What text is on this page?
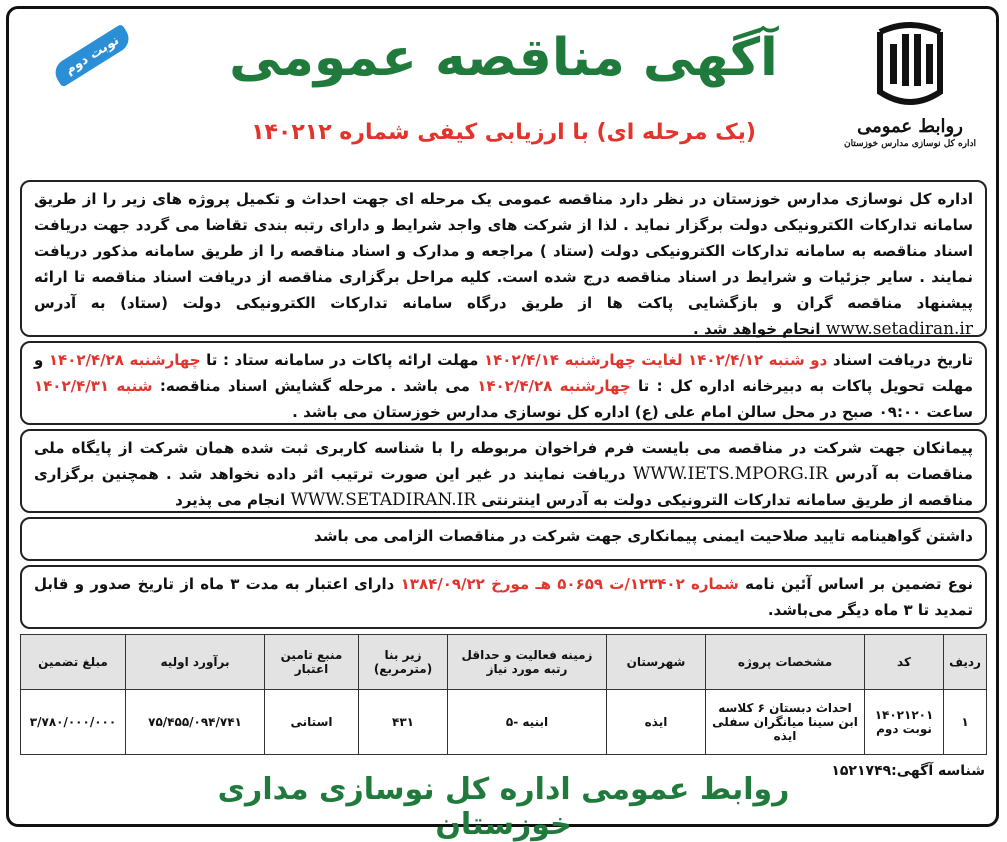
روابط عمومی
اداره کل نوسازی مدارس خوزستان
نوبت دوم	آگهی مناقصه عمومی
(یک مرحله ای) با ارزیابی کیفی شماره ۱۴۰۲۱۲
اداره کل نوسازی مدارس خوزستان در نظر دارد مناقصه عمومی یک مرحله ای جهت احداث و تکمیل پروژه های زیر را از طریق سامانه تدارکات الکترونیکی دولت برگزار نماید . لذا از شرکت های واجد شرایط و دارای رتبه بندی تقاضا می گردد جهت دریافت اسناد مناقصه به سامانه تدارکات الکترونیکی دولت (ستاد ) مراجعه و مدارک و اسناد مناقصه را از طریق سامانه مذکور دریافت نمایند . سایر جزئیات و شرایط در اسناد مناقصه درج شده است. کلیه مراحل برگزاری مناقصه از دریافت اسناد مناقصه تا ارائه پیشنهاد مناقصه گران و بازگشایی پاکت ها از طریق درگاه سامانه تدارکات الکترونیکی دولت (ستاد) به آدرس www.setadiran.ir انجام خواهد شد .
تاریخ دریافت اسناد دو شنبه ۱۴۰۲/۴/۱۲ لغایت چهارشنبه ۱۴۰۲/۴/۱۴ مهلت ارائه پاکات در سامانه ستاد : تا چهارشنبه ۱۴۰۲/۴/۲۸ و مهلت تحویل پاکات به دبیرخانه اداره کل : تا چهارشنبه ۱۴۰۲/۴/۲۸ می باشد . مرحله گشایش اسناد مناقصه: شنبه ۱۴۰۲/۴/۳۱ ساعت ۰۹:۰۰ صبح در محل سالن امام علی (ع) اداره کل نوسازی مدارس خوزستان می باشد .
پیمانکان جهت شرکت در مناقصه می بایست فرم فراخوان مربوطه را با شناسه کاربری ثبت شده همان شرکت از پایگاه ملی مناقصات به آدرس WWW.IETS.MPORG.IR دریافت نمایند در غیر این صورت ترتیب اثر داده نخواهد شد . همچنین برگزاری مناقصه از طریق سامانه تدارکات الترونیکی دولت به آدرس اینترنتی WWW.SETADIRAN.IR انجام می پذیرد
داشتن گواهینامه تایید صلاحیت ایمنی پیمانکاری جهت شرکت در مناقصات الزامی می باشد
نوع تضمین بر اساس آئین نامه شماره ۱۲۳۴۰۲/ت ۵۰۶۵۹ هـ مورخ ۱۳۸۴/۰۹/۲۲ دارای اعتبار به مدت ۳ ماه از تاریخ صدور و قابل تمدید تا ۳ ماه دیگر می‌باشد.
ردیف	کد	مشخصات پروژه	شهرستان	زمینه فعالیت و حداقل رتبه مورد نیاز	زیر بنا (مترمربع)	منبع تامین اعتبار	برآورد اولیه	مبلغ تضمین
۱	۱۴۰۲۱۲۰۱ نوبت دوم	احداث دبستان ۶ کلاسه ابن سینا میانگران سفلی ایذه	ایذه	ابنیه -۵	۴۳۱	استانی	۷۵/۴۵۵/۰۹۴/۷۴۱	۳/۷۸۰/۰۰۰/۰۰۰
شناسه آگهی:۱۵۲۱۷۴۹
روابط عمومی اداره کل نوسازی مداری خوزستان
